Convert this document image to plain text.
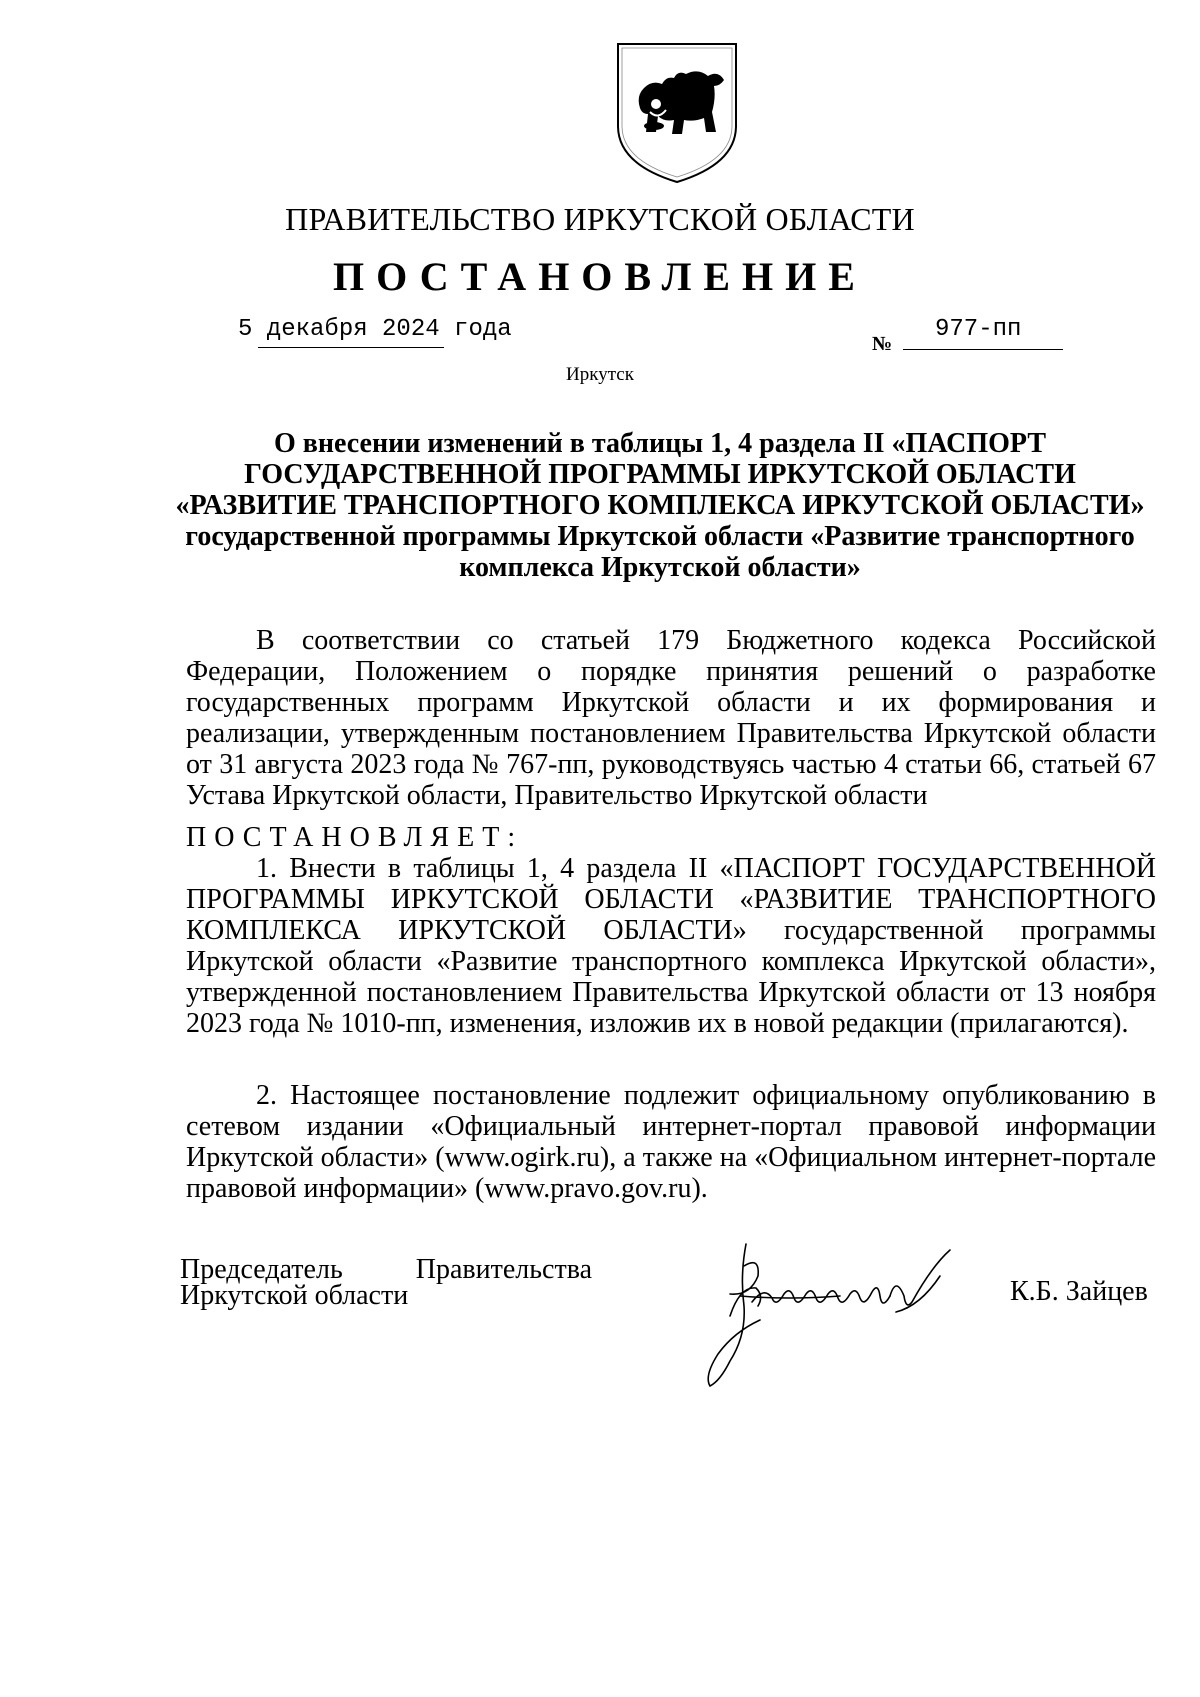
ПРАВИТЕЛЬСТВО ИРКУТСКОЙ ОБЛАСТИ
ПОСТАНОВЛЕНИЕ
5 декабря 2024 года
№
977-пп
Иркутск
О внесении изменений в таблицы 1, 4 раздела II «ПАСПОРТ ГОСУДАРСТВЕННОЙ ПРОГРАММЫ ИРКУТСКОЙ ОБЛАСТИ «РАЗВИТИЕ ТРАНСПОРТНОГО КОМПЛЕКСА ИРКУТСКОЙ ОБЛАСТИ» государственной программы Иркутской области «Развитие транспортного комплекса Иркутской области»
В соответствии со статьей 179 Бюджетного кодекса Российской Федерации, Положением о порядке принятия решений о разработке государственных программ Иркутской области и их формирования и реализации, утвержденным постановлением Правительства Иркутской области от 31 августа 2023 года № 767-пп, руководствуясь частью 4 статьи 66, статьей 67 Устава Иркутской области, Правительство Иркутской области
ПОСТАНОВЛЯЕТ:
1. Внести в таблицы 1, 4 раздела II «ПАСПОРТ ГОСУДАРСТВЕННОЙ ПРОГРАММЫ ИРКУТСКОЙ ОБЛАСТИ «РАЗВИТИЕ ТРАНСПОРТНОГО КОМПЛЕКСА ИРКУТСКОЙ ОБЛАСТИ» государственной программы Иркутской области «Развитие транспортного комплекса Иркутской области», утвержденной постановлением Правительства Иркутской области от 13 ноября 2023 года № 1010-пп, изменения, изложив их в новой редакции (прилагаются).
2. Настоящее постановление подлежит официальному опубликованию в сетевом издании «Официальный интернет-портал правовой информации Иркутской области» (www.ogirk.ru), а также на «Официальном интернет-портале правовой информации» (www.pravo.gov.ru).
Председатель Правительства
Иркутской области	К.Б. Зайцев
